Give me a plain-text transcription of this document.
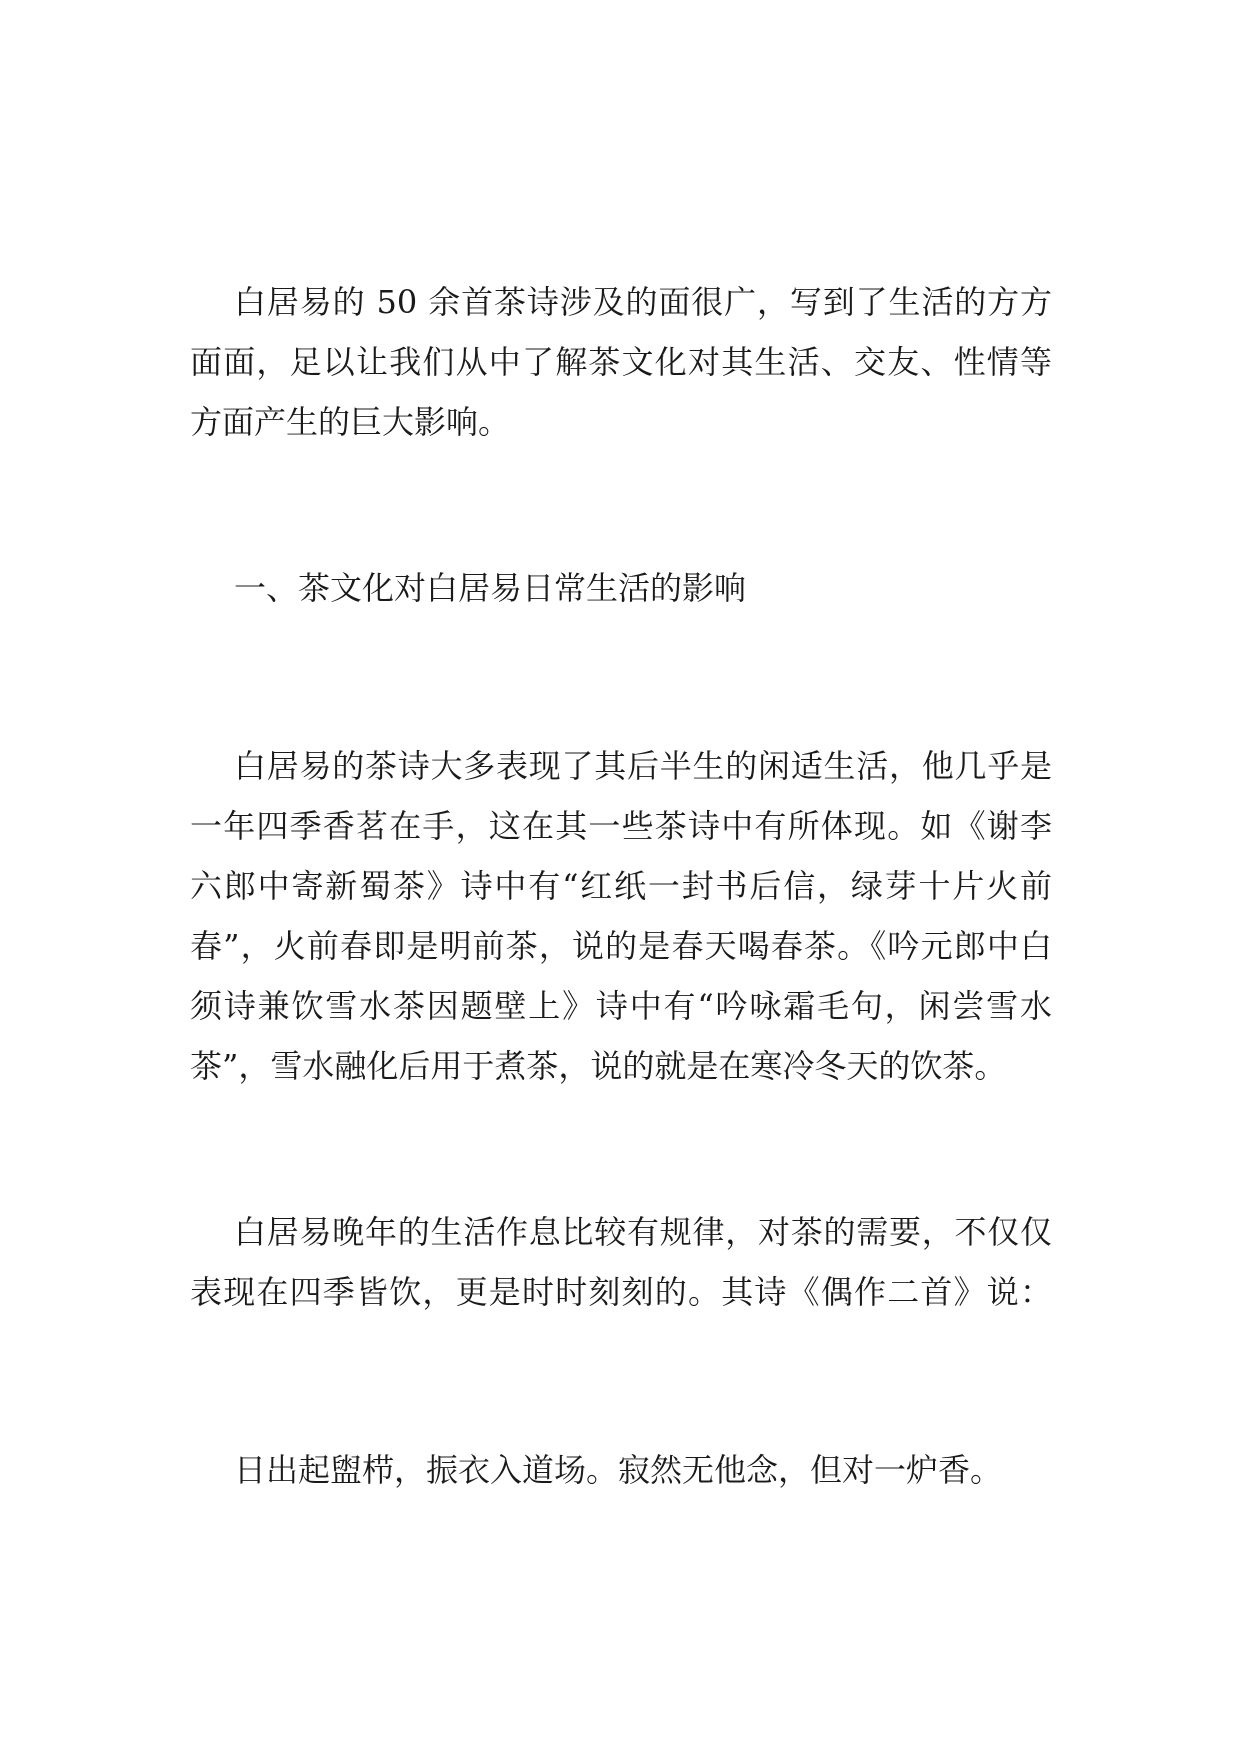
白居易的 50 余首茶诗涉及的面很广，写到了生活的方方
面面，足以让我们从中了解茶文化对其生活、交友、性情等
方面产生的巨大影响。
一、茶文化对白居易日常生活的影响
白居易的茶诗大多表现了其后半生的闲适生活，他几乎是
一年四季香茗在手，这在其一些茶诗中有所体现。如《谢李
六郎中寄新蜀茶》诗中有“红纸一封书后信，绿芽十片火前
春”，火前春即是明前茶，说的是春天喝春茶。《吟元郎中白
须诗兼饮雪水茶因题壁上》诗中有“吟咏霜毛句，闲尝雪水
茶”，雪水融化后用于煮茶，说的就是在寒冷冬天的饮茶。
白居易晚年的生活作息比较有规律，对茶的需要，不仅仅
表现在四季皆饮，更是时时刻刻的。其诗《偶作二首》说：
日出起盥栉，振衣入道场。寂然无他念，但对一炉香。
